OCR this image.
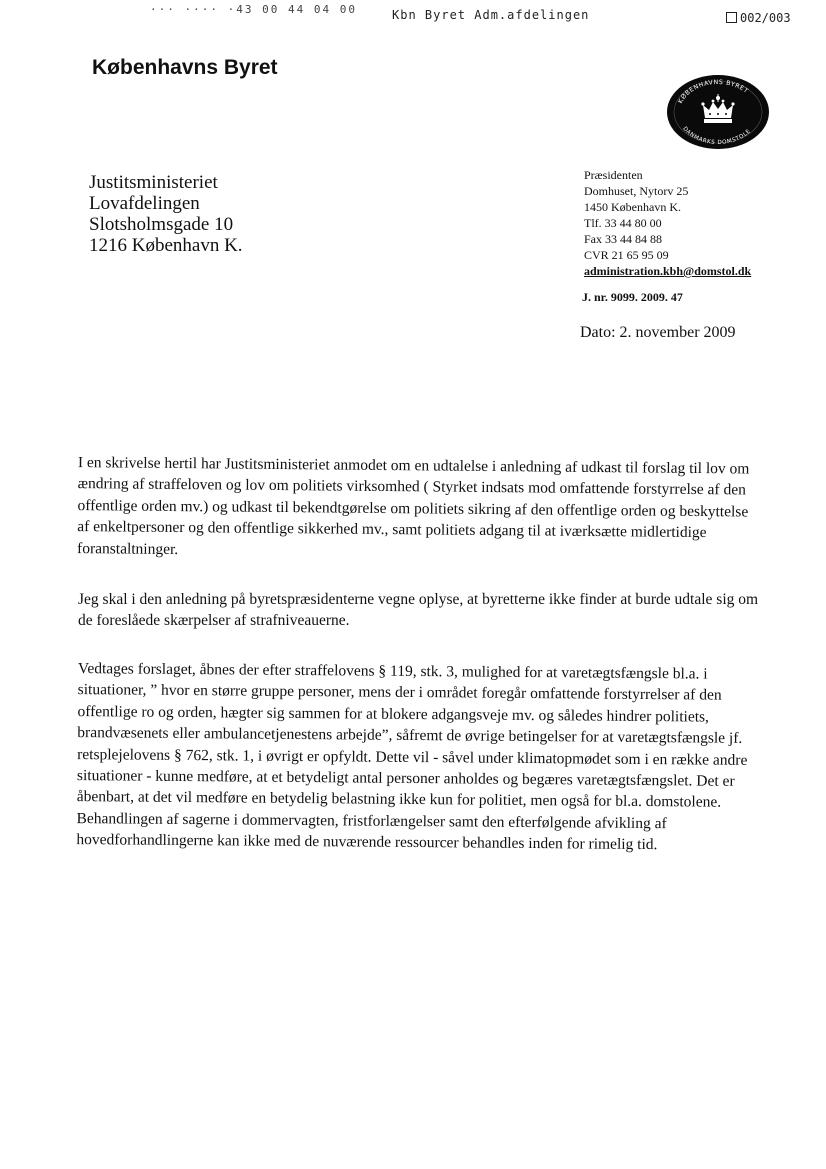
··· ···· ·43 00 44 04 00	Kbn Byret Adm.afdelingen	002/003
Københavns Byret
KØBENHAVNS BYRET
DANMARKS DOMSTOLE
Justitsministeriet
Lovafdelingen
Slotsholmsgade 10
1216 København K.
Præsidenten
Domhuset, Nytorv 25
1450 København K.
Tlf. 33 44 80 00
Fax 33 44 84 88
CVR 21 65 95 09
administration.kbh@domstol.dk
J. nr. 9099. 2009. 47
Dato: 2. november 2009

I en skrivelse hertil har Justitsministeriet anmodet om en udtalelse i anledning af udkast til forslag til lov om ændring af straffeloven og lov om politiets virksomhed ( Styrket indsats mod omfattende forstyrrelse af den offentlige orden mv.) og udkast til bekendtgørelse om politiets sikring af den offentlige orden og beskyttelse af enkeltpersoner og den offentlige sikkerhed mv., samt politiets adgang til at iværksætte midlertidige foranstaltninger.

Jeg skal i den anledning på byretspræsidenterne vegne oplyse, at byretterne ikke finder at burde udtale sig om de foreslåede skærpelser af strafniveauerne.

Vedtages forslaget, åbnes der efter straffelovens § 119, stk. 3, mulighed for at varetægtsfængsle bl.a. i situationer, ” hvor en større gruppe personer, mens der i området foregår omfattende forstyrrelser af den offentlige ro og orden, hægter sig sammen for at blokere adgangsveje mv. og således hindrer politiets, brandvæsenets eller ambulancetjenestens arbejde”, såfremt de øvrige betingelser for at varetægtsfængsle jf. retsplejelovens § 762, stk. 1, i øvrigt er opfyldt. Dette vil - såvel under klimatopmødet som i en række andre situationer - kunne medføre, at et betydeligt antal personer anholdes og begæres varetægtsfængslet. Det er åbenbart, at det vil medføre en betydelig belastning ikke kun for politiet, men også for bl.a. domstolene. Behandlingen af sagerne i dommervagten, fristforlængelser samt den efterfølgende afvikling af hovedforhandlingerne kan ikke med de nuværende ressourcer behandles inden for rimelig tid.
